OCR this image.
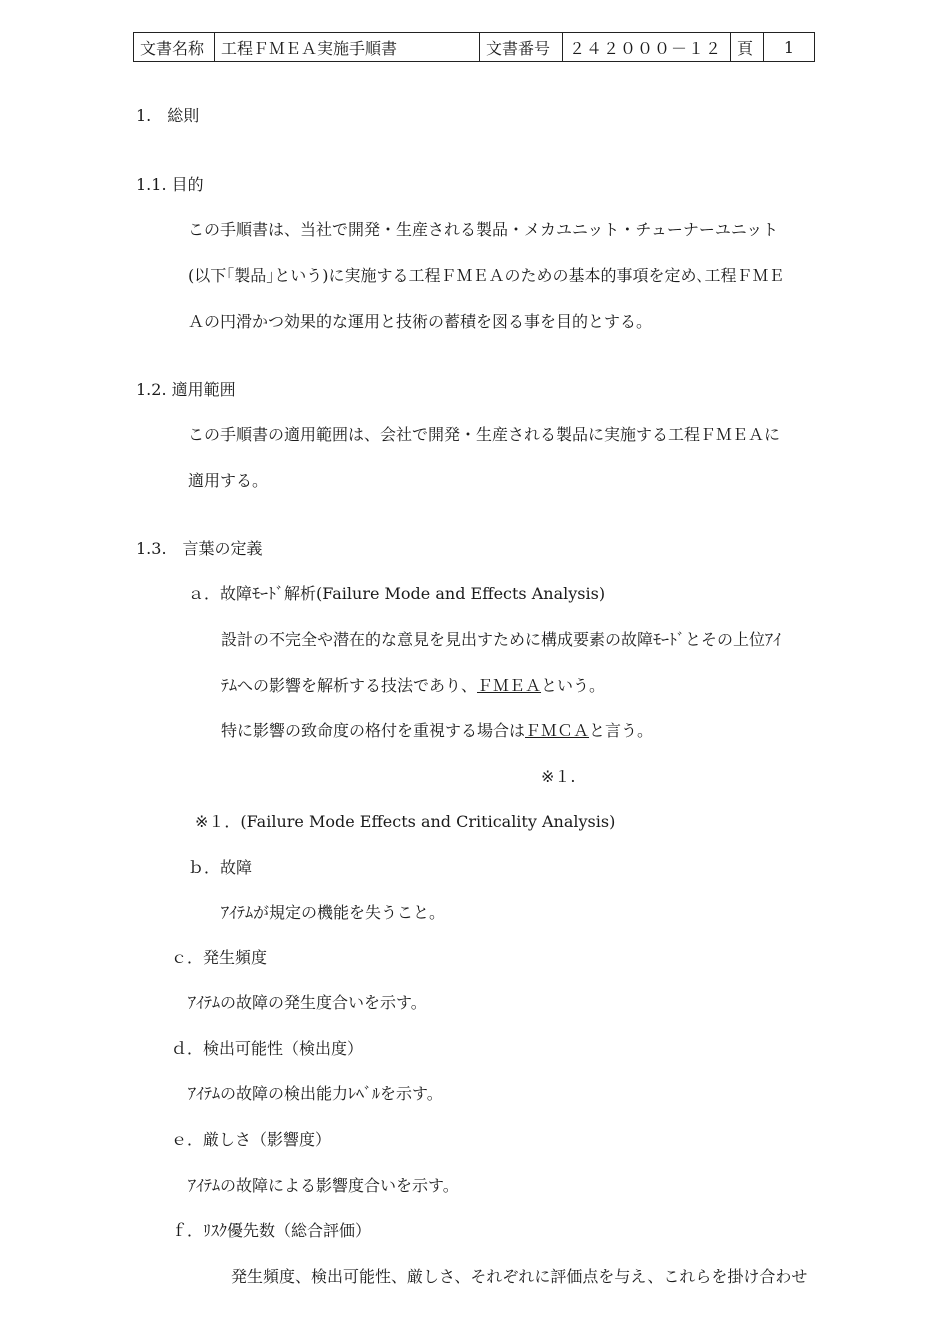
文書名称	工程ＦＭＥＡ実施手順書	文書番号	２４２０００－１２	頁	1
1.　総則
1.1. 目的
この手順書は、当社で開発・生産される製品・メカユニット・チューナーユニット
(以下｢製品｣という)に実施する工程ＦＭＥＡのための基本的事項を定め､工程ＦＭＥ
Ａの円滑かつ効果的な運用と技術の蓄積を図る事を目的とする。
1.2. 適用範囲
この手順書の適用範囲は、会社で開発・生産される製品に実施する工程ＦＭＥＡに
適用する。
1.3.　言葉の定義
ａ．故障ﾓｰﾄﾞ解析(Failure Mode and Effects Analysis)
設計の不完全や潜在的な意見を見出すために構成要素の故障ﾓｰﾄﾞとその上位ｱｲ
ﾃﾑへの影響を解析する技法であり、ＦＭＥＡという。
特に影響の致命度の格付を重視する場合はＦＭＣＡと言う。
※１.
※１．(Failure Mode Effects and Criticality Analysis)
ｂ．故障
ｱｲﾃﾑが規定の機能を失うこと。
ｃ．発生頻度
ｱｲﾃﾑの故障の発生度合いを示す。
ｄ．検出可能性（検出度）
ｱｲﾃﾑの故障の検出能力ﾚﾍﾞﾙを示す。
ｅ．厳しさ（影響度）
ｱｲﾃﾑの故障による影響度合いを示す。
ｆ．ﾘｽｸ優先数（総合評価）
発生頻度、検出可能性、厳しさ、それぞれに評価点を与え、これらを掛け合わせ
